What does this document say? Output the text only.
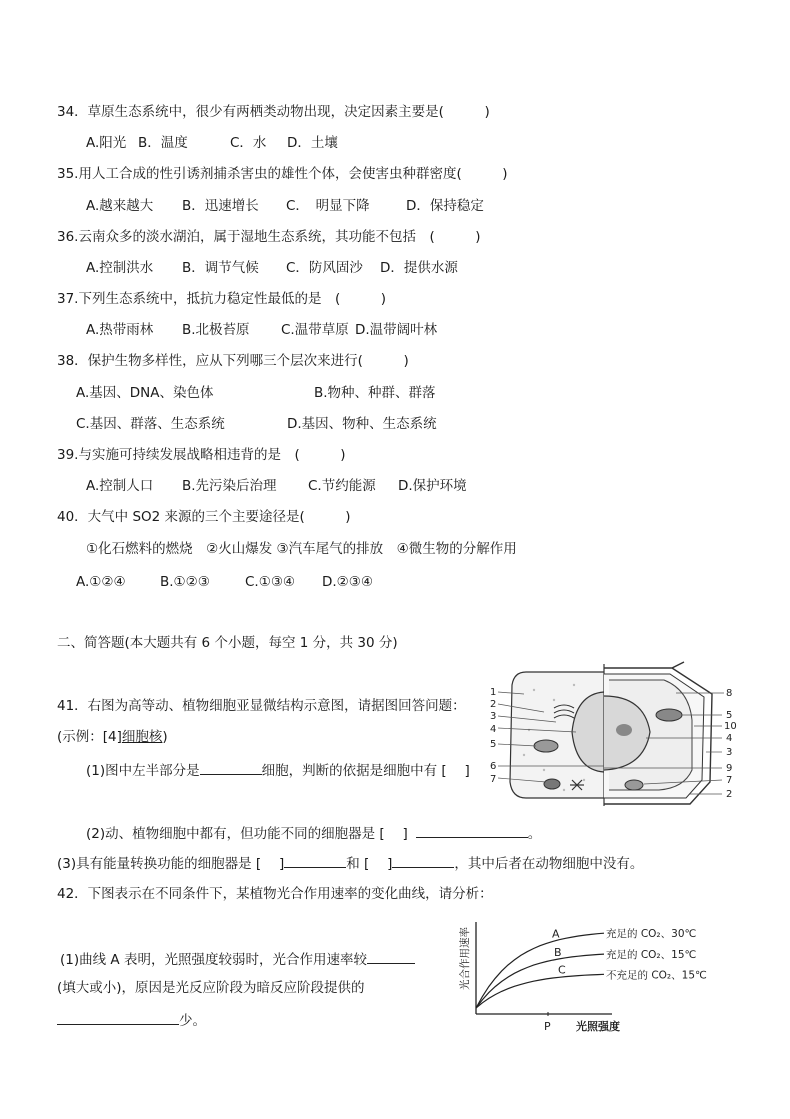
34．草原生态系统中，很少有两栖类动物出现，决定因素主要是(　　　)
A.阳光 B．温度	C．水 D．土壤
35.用人工合成的性引诱剂捕杀害虫的雄性个体，会使害虫种群密度(　　　)
A.越来越大 B．迅速增长 C．　明显下降	D．保持稳定
36.云南众多的淡水湖泊，属于湿地生态系统，其功能不包括　(　　　)
A.控制洪水 B．调节气候 C．防风固沙 D．提供水源
37.下列生态系统中，抵抗力稳定性最低的是　(　　　)
A.热带雨林 B.北极苔原 C.温带草原 D.温带阔叶林
38．保护生物多样性，应从下列哪三个层次来进行(　　　)
A.基因、DNA、染色体	B.物种、种群、群落
C.基因、群落、生态系统	D.基因、物种、生态系统
39.与实施可持续发展战略相违背的是　(　　　)
A.控制人口 B.先污染后治理 C.节约能源 D.保护环境
40．大气中 SO2 来源的三个主要途径是(　　　)
①化石燃料的燃烧　②火山爆发 ③汽车尾气的排放　④微生物的分解作用
A.①②④	B.①②③	C.①③④ D.②③④
二、简答题(本大题共有 6 个小题，每空 1 分，共 30 分)
41．右图为高等动、植物细胞亚显微结构示意图，请据图回答问题：
(示例：[4]细胞核)
(1)图中左半部分是	细胞，判断的依据是细胞中有 [　 ]
(2)动、植物细胞中都有，但功能不同的细胞器是 [　 ]	。
(3)具有能量转换功能的细胞器是 [　 ]	和 [　 ]	，其中后者在动物细胞中没有。
1
2
3
4
5
6
7
8
5
10
4
3
9
7
2
42．下图表示在不同条件下，某植物光合作用速率的变化曲线，请分析：
(1)曲线 A 表明，光照强度较弱时，光合作用速率较
(填大或小)，原因是光反应阶段为暗反应阶段提供的
少。
光合作用速率
光照强度
P
A	充足的 CO₂、30℃
B	充足的 CO₂、15℃
C	不充足的 CO₂、15℃
